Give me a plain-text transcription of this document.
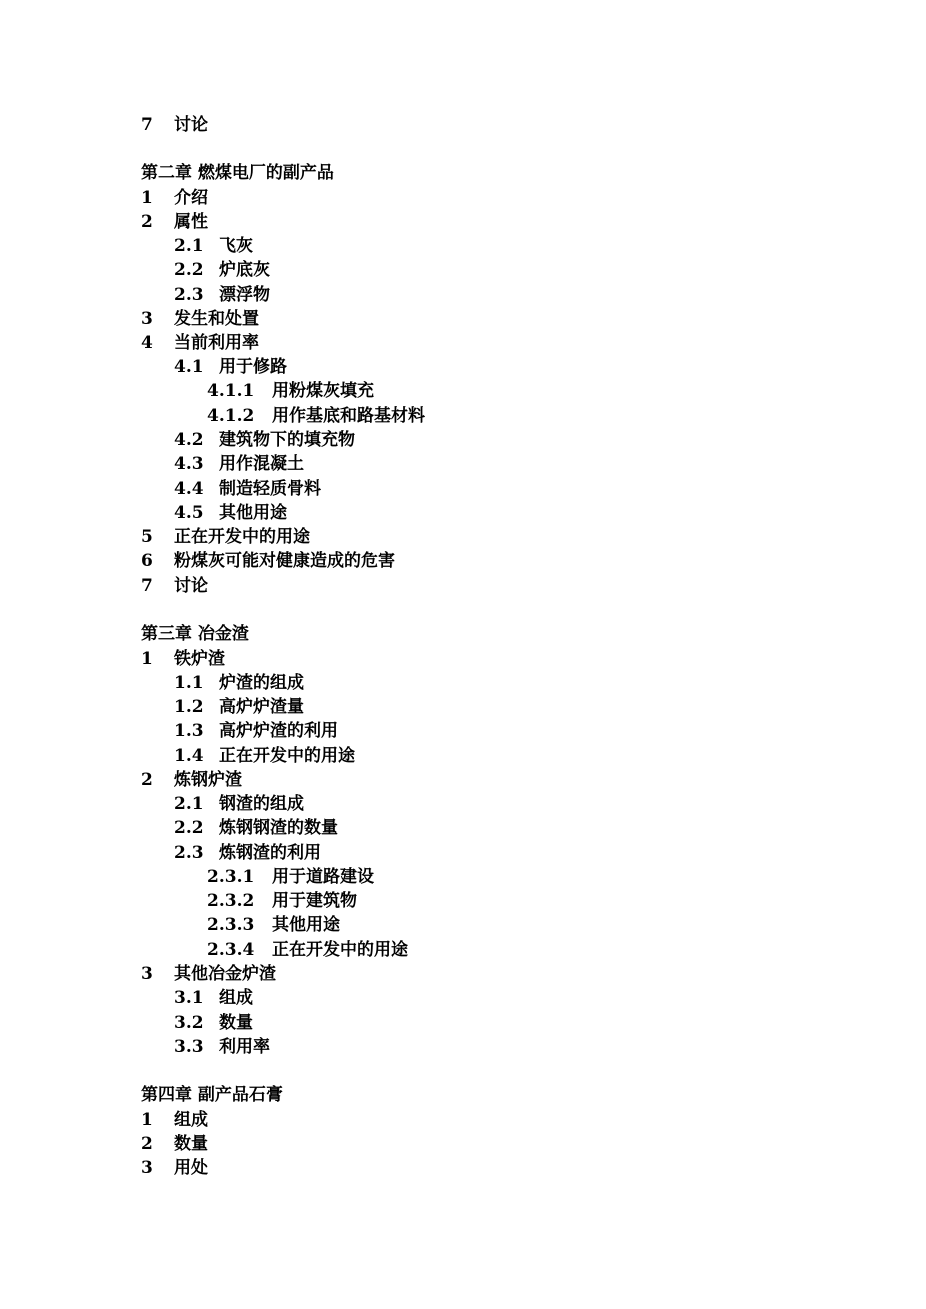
7 讨论
第二章 燃煤电厂的副产品
1 介绍
2 属性
2.1 飞灰
2.2 炉底灰
2.3 漂浮物
3 发生和处置
4 当前利用率
4.1 用于修路
4.1.1 用粉煤灰填充
4.1.2 用作基底和路基材料
4.2 建筑物下的填充物
4.3 用作混凝土
4.4 制造轻质骨料
4.5 其他用途
5 正在开发中的用途
6 粉煤灰可能对健康造成的危害
7 讨论
第三章 冶金渣
1 铁炉渣
1.1 炉渣的组成
1.2 高炉炉渣量
1.3 高炉炉渣的利用
1.4 正在开发中的用途
2 炼钢炉渣
2.1 钢渣的组成
2.2 炼钢钢渣的数量
2.3 炼钢渣的利用
2.3.1 用于道路建设
2.3.2 用于建筑物
2.3.3 其他用途
2.3.4 正在开发中的用途
3 其他冶金炉渣
3.1 组成
3.2 数量
3.3 利用率
第四章 副产品石膏
1 组成
2 数量
3 用处
